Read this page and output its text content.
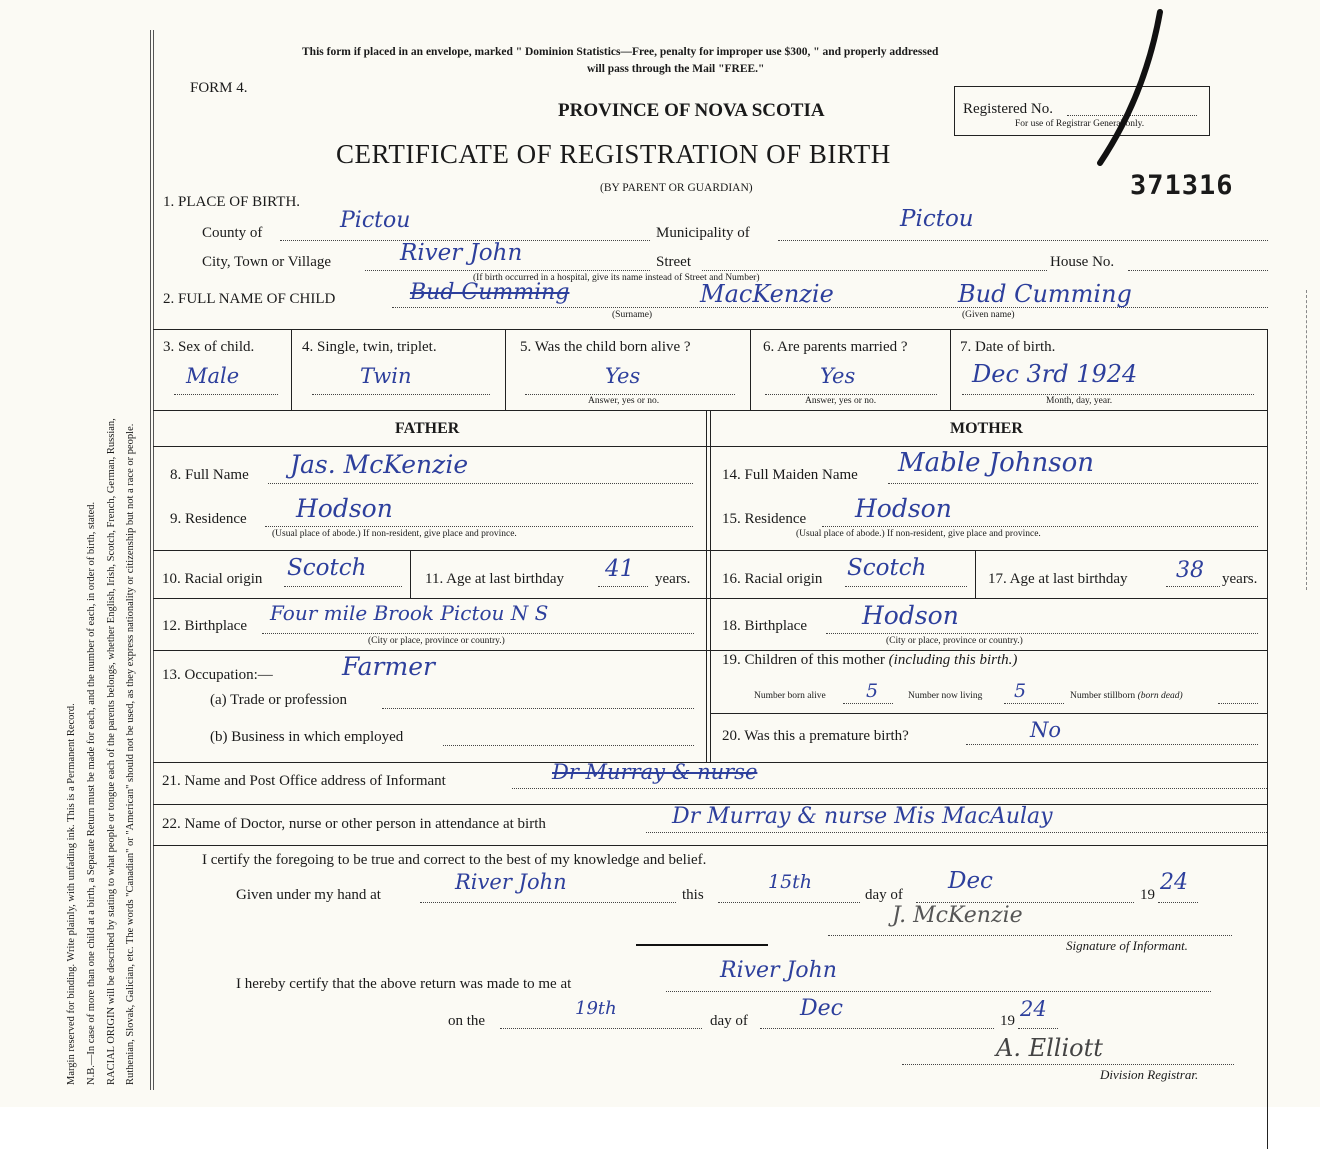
Margin reserved for binding. Write plainly, with unfading ink. This is a Permanent Record. N.B.—In case of more than one child at a birth, a Separate Return must be made for each, and the number of each, in order of birth, stated. RACIAL ORIGIN will be described by stating to what people or tongue each of the parents belongs, whether English, Irish, Scotch, French, German, Russian, Ruthenian, Slovak, Galician, etc. The words "Canadian" or "American" should not be used, as they express nationality or citizenship but not a race or people.
This form if placed in an envelope, marked " Dominion Statistics—Free, penalty for improper use $300, " and properly addressed
will pass through the Mail "FREE."
FORM 4.
PROVINCE OF NOVA SCOTIA
CERTIFICATE OF REGISTRATION OF BIRTH
(BY PARENT OR GUARDIAN)
Registered No.
For use of Registrar General only.
371316
1. PLACE OF BIRTH.
County of	Pictou	Municipality of
Pictou
City, Town or Village	River John	Street	House No.
(If birth occurred in a hospital, give its name instead of Street and Number)
2. FULL NAME OF CHILD	Bud Cumming	MacKenzie	Bud Cumming
(Surname)	(Given name)
3. Sex of child.
Male
4. Single, twin, triplet.
Twin
5. Was the child born alive ?
Yes
Answer, yes or no.
6. Are parents married ?
Yes
Answer, yes or no.
7. Date of birth.
Dec 3rd 1924
Month, day, year.
FATHER	MOTHER
8. Full Name Jas. McKenzie
9. Residence Hodson
(Usual place of abode.) If non-resident, give place and province.
10. Racial origin Scotch	11. Age at last birthday 41 years.
12. Birthplace
Four mile Brook Pictou N S
(City or place, province or country.)
13. Occupation:—	Farmer
(a) Trade or profession
(b) Business in which employed
14. Full Maiden Name Mable Johnson
15. Residence Hodson
(Usual place of abode.) If non-resident, give place and province.
16. Racial origin Scotch	17. Age at last birthday 38 years.
18. Birthplace Hodson
(City or place, province or country.)
19. Children of this mother (including this birth.)
Number born alive 5	Number now living 5	Number stillborn (born dead)
20. Was this a premature birth?	No
21. Name and Post Office address of Informant	Dr Murray & nurse
22. Name of Doctor, nurse or other person in attendance at birth	Dr Murray & nurse Mis MacAulay
I certify the foregoing to be true and correct to the best of my knowledge and belief.
Given under my hand at
River John
this
15th
day of
Dec
19 24
J. McKenzie
Signature of Informant.
I hereby certify that the above return was made to me at
River John
on the
19th
day of Dec	19 24
A. Elliott
Division Registrar.
